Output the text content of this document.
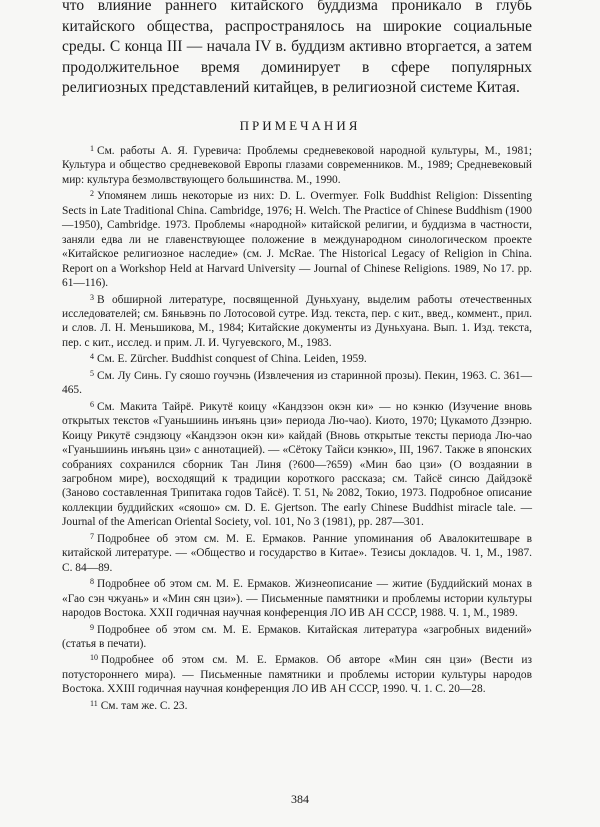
что влияние раннего китайского буддизма проникало в глубь китайского общества, распространялось на широкие социальные среды. С конца III — начала IV в. буддизм активно вторгается, а затем продолжительное время доминирует в сфере популярных религиозных представлений китайцев, в религиозной системе Китая.

ПРИМЕЧАНИЯ

$^1$ См. работы А. Я. Гуревича: Проблемы средневековой народной культуры, М., 1981; Культура и общество средневековой Европы глазами современников. М., 1989; Средневековый мир: культура безмолвствующего большинства. М., 1990.

$^2$ Упомянем лишь некоторые из них: D. L. Overmyer. Folk Buddhist Religion: Dissenting Sects in Late Traditional China. Cambridge, 1976; H. Welch. The Practice of Chinese Buddhism (1900—1950), Cambridge. 1973. Проблемы «народной» китайской религии, и буддизма в частности, заняли едва ли не главенствующее положение в международном синологическом проекте «Китайское религиозное наследие» (см. J. McRae. The Historical Legacy of Religion in China. Report on a Workshop Held at Harvard University — Journal of Chinese Religions. 1989, No 17. pp. 61—116).

$^3$ В обширной литературе, посвященной Дуньхуану, выделим работы отечественных исследователей; см. Бяньвэнь по Лотосовой сутре. Изд. текста, пер. с кит., введ., коммент., прил. и слов. Л. Н. Меньшикова, М., 1984; Китайские документы из Дуньхуана. Вып. 1. Изд. текста, пер. с кит., исслед. и прим. Л. И. Чугуевского, М., 1983.

$^4$ См. E. Zürcher. Buddhist conquest of China. Leiden, 1959.

$^5$ См. Лу Синь. Гу сяошо гоучэнь (Извлечения из старинной прозы). Пекин, 1963. С. 361—465.

$^6$ См. Макита Тайрё. Рикутё коицу «Кандзэон окэн ки» — но кэнкю (Изучение вновь открытых текстов «Гуаньшиинь инъянь цзи» периода Лю-чао). Киото, 1970; Цукамото Дзэнрю. Коицу Рикутё сэндзюцу «Кандзэон окэн ки» кайдай (Вновь открытые тексты периода Лю-чао «Гуаньшиинь инъянь цзи» с аннотацией). — «Сётоку Тайси кэнкю», III, 1967. Также в японских собраниях сохранился сборник Тан Линя (?600—?659) «Мин бао цзи» (О воздаянии в загробном мире), восходящий к традиции короткого рассказа; см. Тайсё синсю Дайдзокё (Заново составленная Трипитака годов Тайсё). Т. 51, № 2082, Токио, 1973. Подробное описание коллекции буддийских «сяошо» см. D. E. Gjertson. The early Chinese Buddhist miracle tale. — Journal of the American Oriental Society, vol. 101, No 3 (1981), pp. 287—301.

$^7$ Подробнее об этом см. М. Е. Ермаков. Ранние упоминания об Авалокитешваре в китайской литературе. — «Общество и государство в Китае». Тезисы докладов. Ч. 1, М., 1987. С. 84—89.

$^8$ Подробнее об этом см. М. Е. Ермаков. Жизнеописание — житие (Буддийский монах в «Гао сэн чжуань» и «Мин сян цзи»). — Письменные памятники и проблемы истории культуры народов Востока. XXII годичная научная конференция ЛО ИВ АН СССР, 1988. Ч. 1, М., 1989.

$^9$ Подробнее об этом см. М. Е. Ермаков. Китайская литература «загробных видений» (статья в печати).

$^{10}$ Подробнее об этом см. М. Е. Ермаков. Об авторе «Мин сян цзи» (Вести из потустороннего мира). — Письменные памятники и проблемы истории культуры народов Востока. XXIII годичная научная конференция ЛО ИВ АН СССР, 1990. Ч. 1. С. 20—28.

$^{11}$ См. там же. С. 23.

384
